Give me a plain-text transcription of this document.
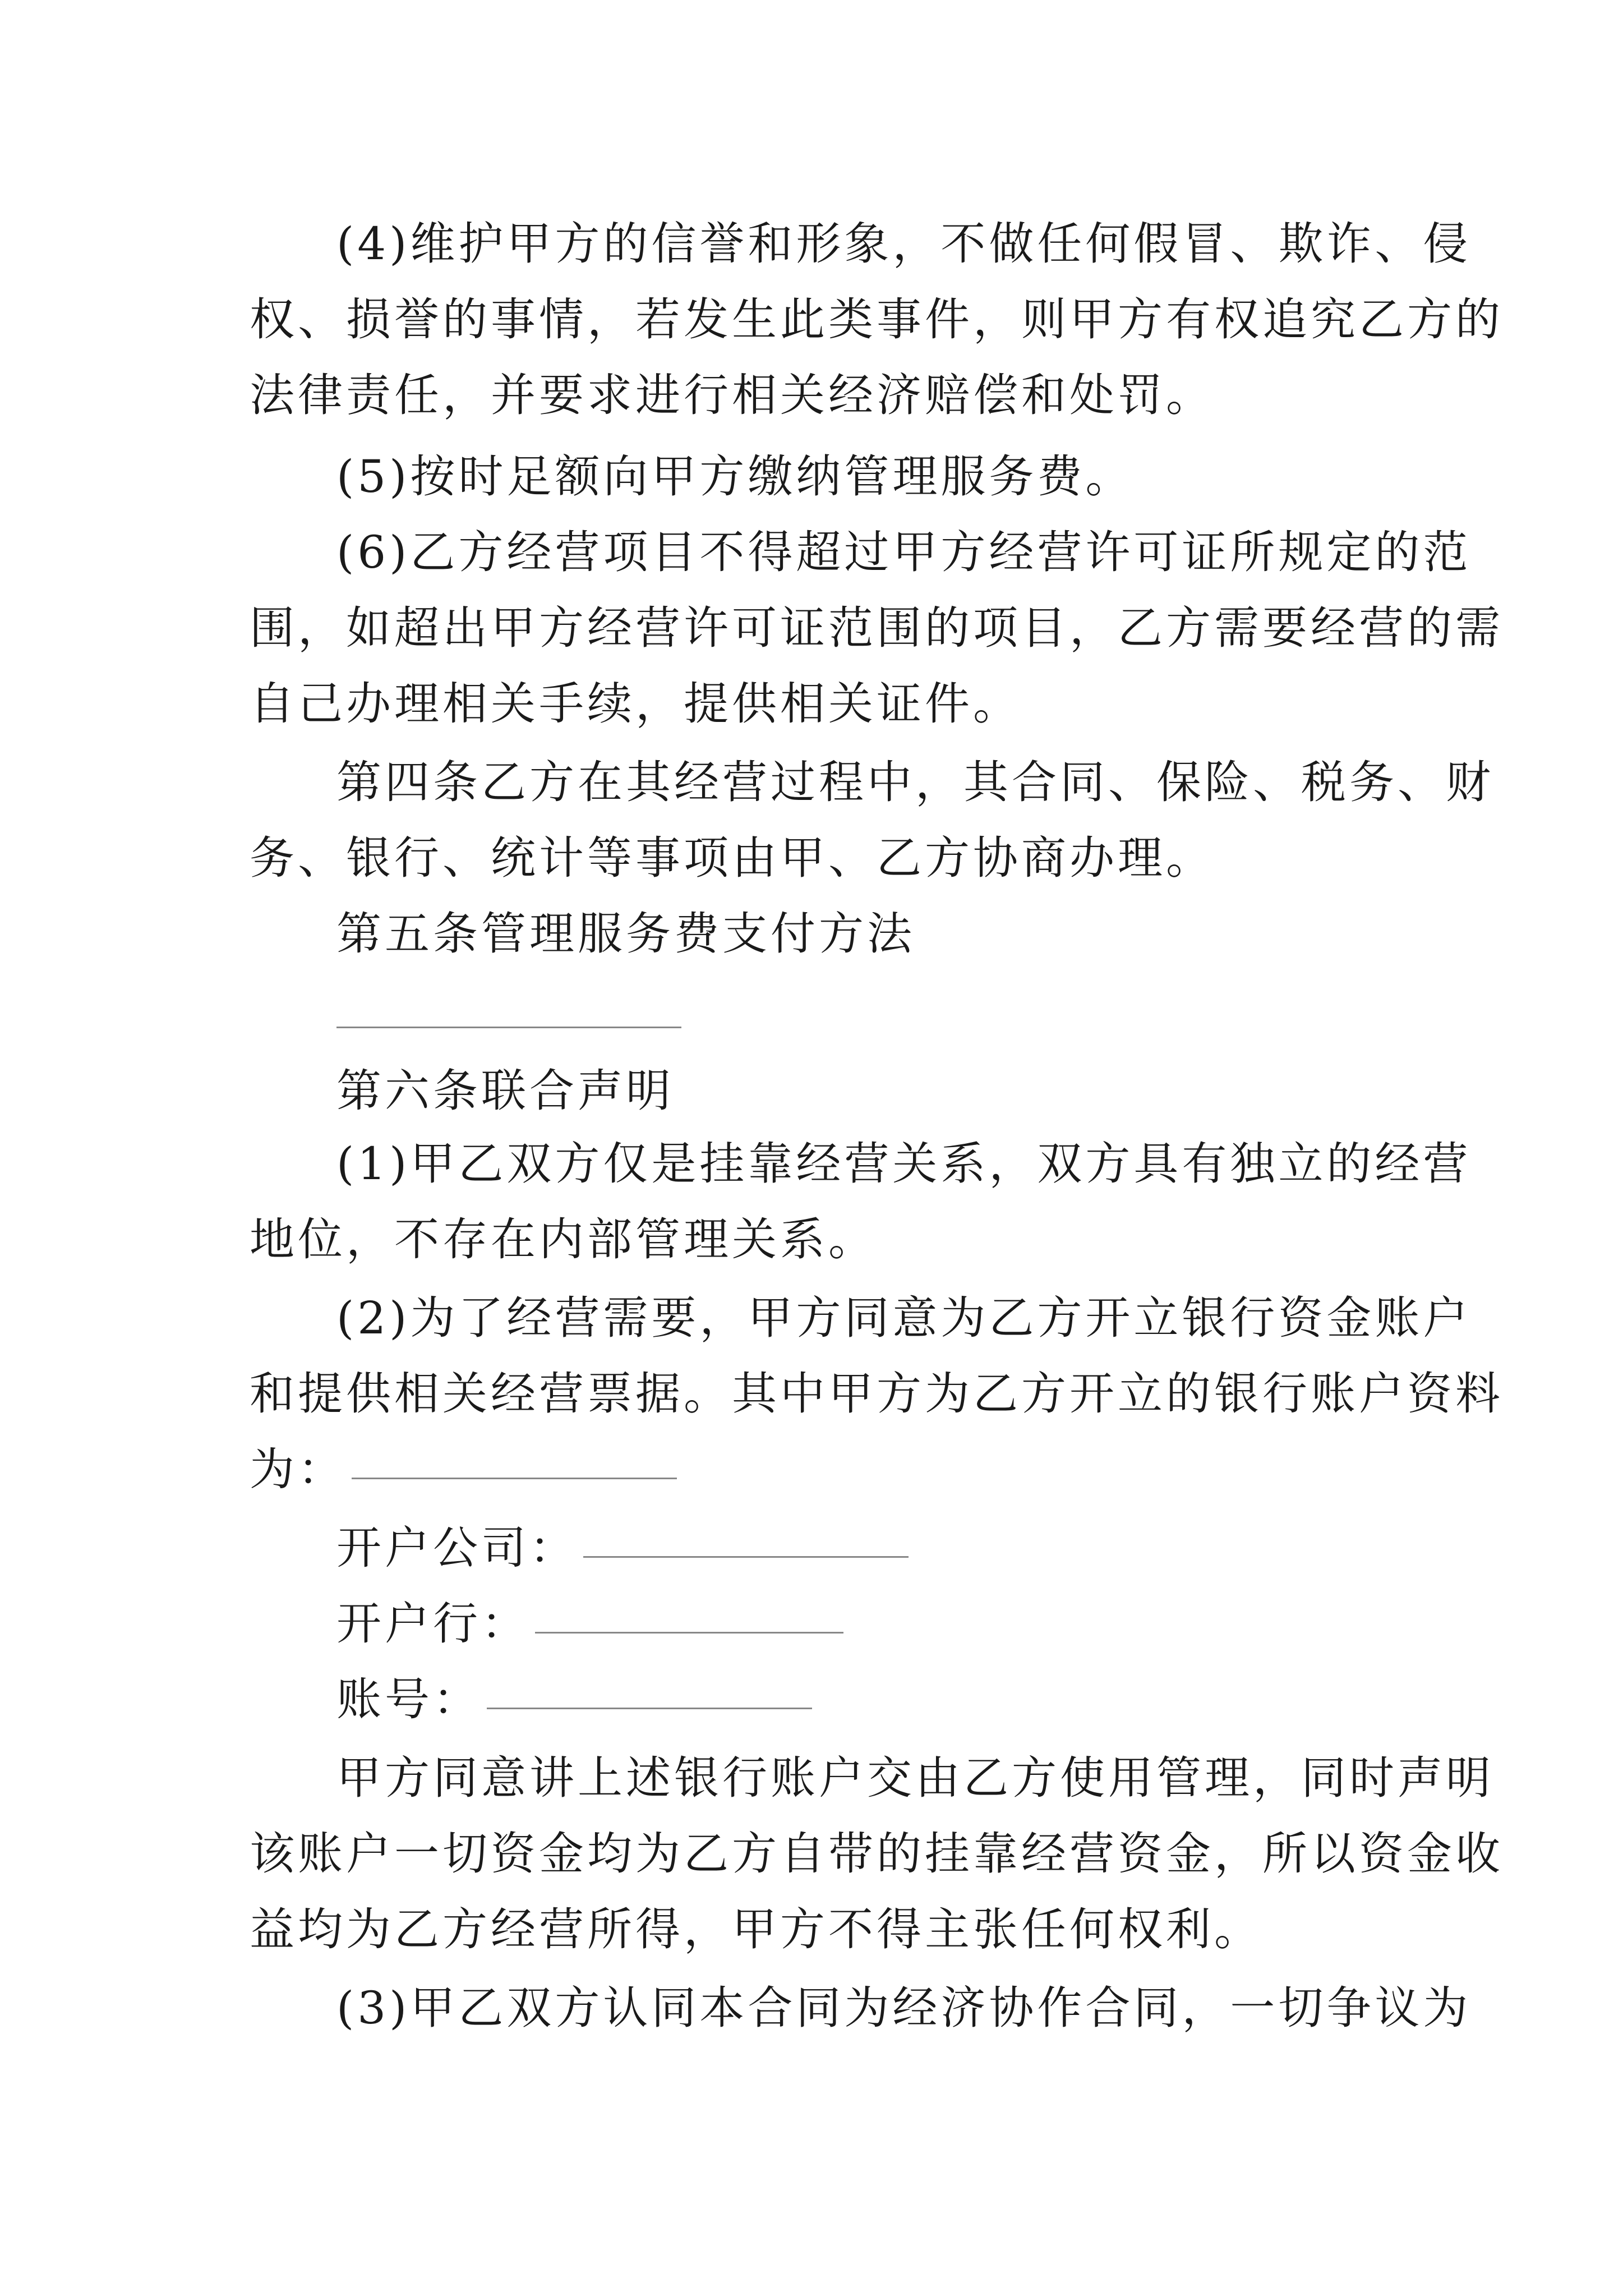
(4)维护甲方的信誉和形象，不做任何假冒、欺诈、侵
权、损誉的事情，若发生此类事件，则甲方有权追究乙方的
法律责任，并要求进行相关经济赔偿和处罚。
(5)按时足额向甲方缴纳管理服务费。
(6)乙方经营项目不得超过甲方经营许可证所规定的范
围，如超出甲方经营许可证范围的项目，乙方需要经营的需
自己办理相关手续，提供相关证件。
第四条乙方在其经营过程中，其合同、保险、税务、财
务、银行、统计等事项由甲、乙方协商办理。
第五条管理服务费支付方法
第六条联合声明
(1)甲乙双方仅是挂靠经营关系，双方具有独立的经营
地位，不存在内部管理关系。
(2)为了经营需要，甲方同意为乙方开立银行资金账户
和提供相关经营票据。其中甲方为乙方开立的银行账户资料
为：
开户公司：
开户行：
账号：
甲方同意讲上述银行账户交由乙方使用管理，同时声明
该账户一切资金均为乙方自带的挂靠经营资金，所以资金收
益均为乙方经营所得，甲方不得主张任何权利。
(3)甲乙双方认同本合同为经济协作合同，一切争议为
